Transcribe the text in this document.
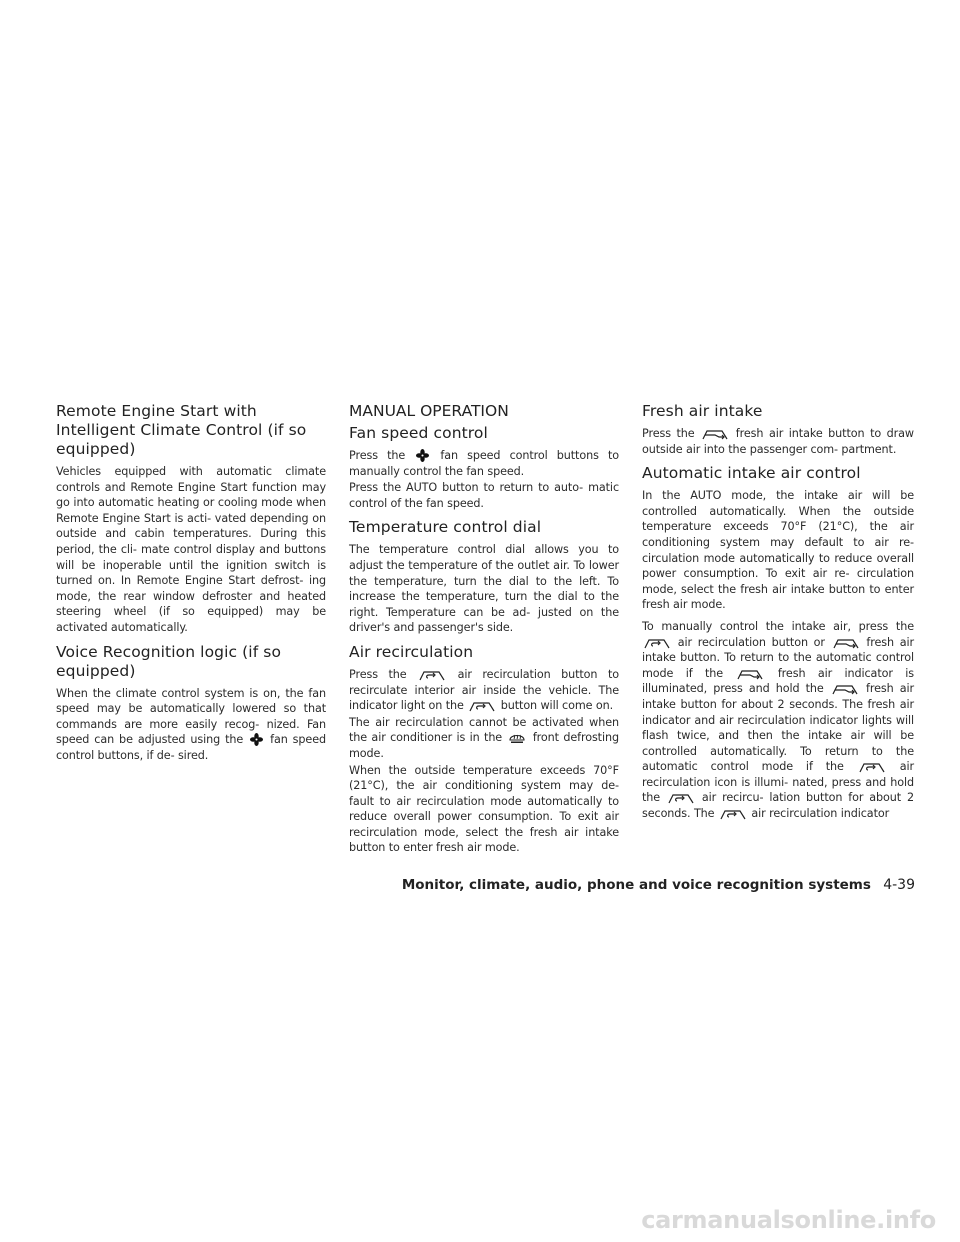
Remote Engine Start with Intelligent Climate Control (if so equipped)

Vehicles equipped with automatic climate controls and Remote Engine Start function may go into automatic heating or cooling mode when Remote Engine Start is acti- vated depending on outside and cabin temperatures. During this period, the cli- mate control display and buttons will be inoperable until the ignition switch is turned on. In Remote Engine Start defrost- ing mode, the rear window defroster and heated steering wheel (if so equipped) may be activated automatically.

Voice Recognition logic (if so equipped)

When the climate control system is on, the fan speed may be automatically lowered so that commands are more easily recog- nized. Fan speed can be adjusted using the fan speed control buttons, if de- sired.

MANUAL OPERATION
Fan speed control

Press the	fan speed control buttons to manually control the fan speed.

Press the AUTO button to return to auto- matic control of the fan speed.

Temperature control dial

The temperature control dial allows you to adjust the temperature of the outlet air. To lower the temperature, turn the dial to the left. To increase the temperature, turn the dial to the right. Temperature can be ad- justed on the driver's and passenger's side.

Air recirculation

Press the	air recirculation button to recirculate interior air inside the vehicle. The indicator light on the	button will come on.

The air recirculation cannot be activated when the air conditioner is in the	front defrosting mode.

When the outside temperature exceeds 70°F (21°C), the air conditioning system may de- fault to air recirculation mode automatically to reduce overall power consumption. To exit air recirculation mode, select the fresh air intake button to enter fresh air mode.

Fresh air intake

Press the	fresh air intake button to draw outside air into the passenger com- partment.

Automatic intake air control

In the AUTO mode, the intake air will be controlled automatically. When the outside temperature exceeds 70°F (21°C), the air conditioning system may default to air re- circulation mode automatically to reduce overall power consumption. To exit air re- circulation mode, select the fresh air intake button to enter fresh air mode.

To manually control the intake air, press the
air recirculation button or	fresh air intake button. To return to the automatic control mode if the	fresh air indicator is illuminated, press and hold the	fresh air intake button for about 2 seconds. The fresh air indicator and air recirculation indicator lights will flash twice, and then the intake air will be controlled automatically. To return to the automatic control mode if the	air recirculation icon is illumi- nated, press and hold the	air recircu- lation button for about 2 seconds. The	air recirculation indicator

Monitor, climate, audio, phone and voice recognition systems 4-39
carmanualsonline.info
